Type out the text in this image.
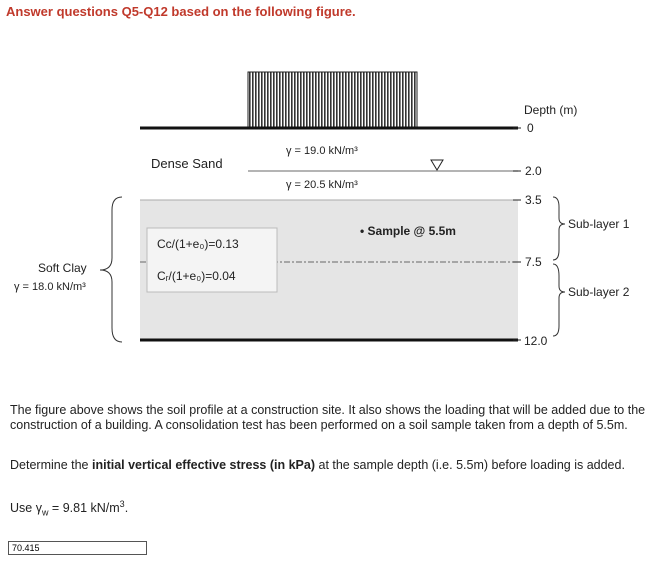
Answer questions Q5-Q12 based on the following figure.
Depth (m)
0
2.0
3.5
7.5
12.0
Dense Sand
γ = 19.0 kN/m³
γ = 20.5 kN/m³
• Sample @ 5.5m
Cᴄ/(1+e₀)=0.13
Cᵣ/(1+e₀)=0.04
Soft Clay
γ = 18.0 kN/m³
Sub-layer 1
Sub-layer 2
The figure above shows the soil profile at a construction site. It also shows the loading that will be added due to the construction of a building. A consolidation test has been performed on a soil sample taken from a depth of 5.5m.
Determine the initial vertical effective stress (in kPa) at the sample depth (i.e. 5.5m) before loading is added.
Use $\gamma_w = 9.81$ $kN/m^3$.
70.415
